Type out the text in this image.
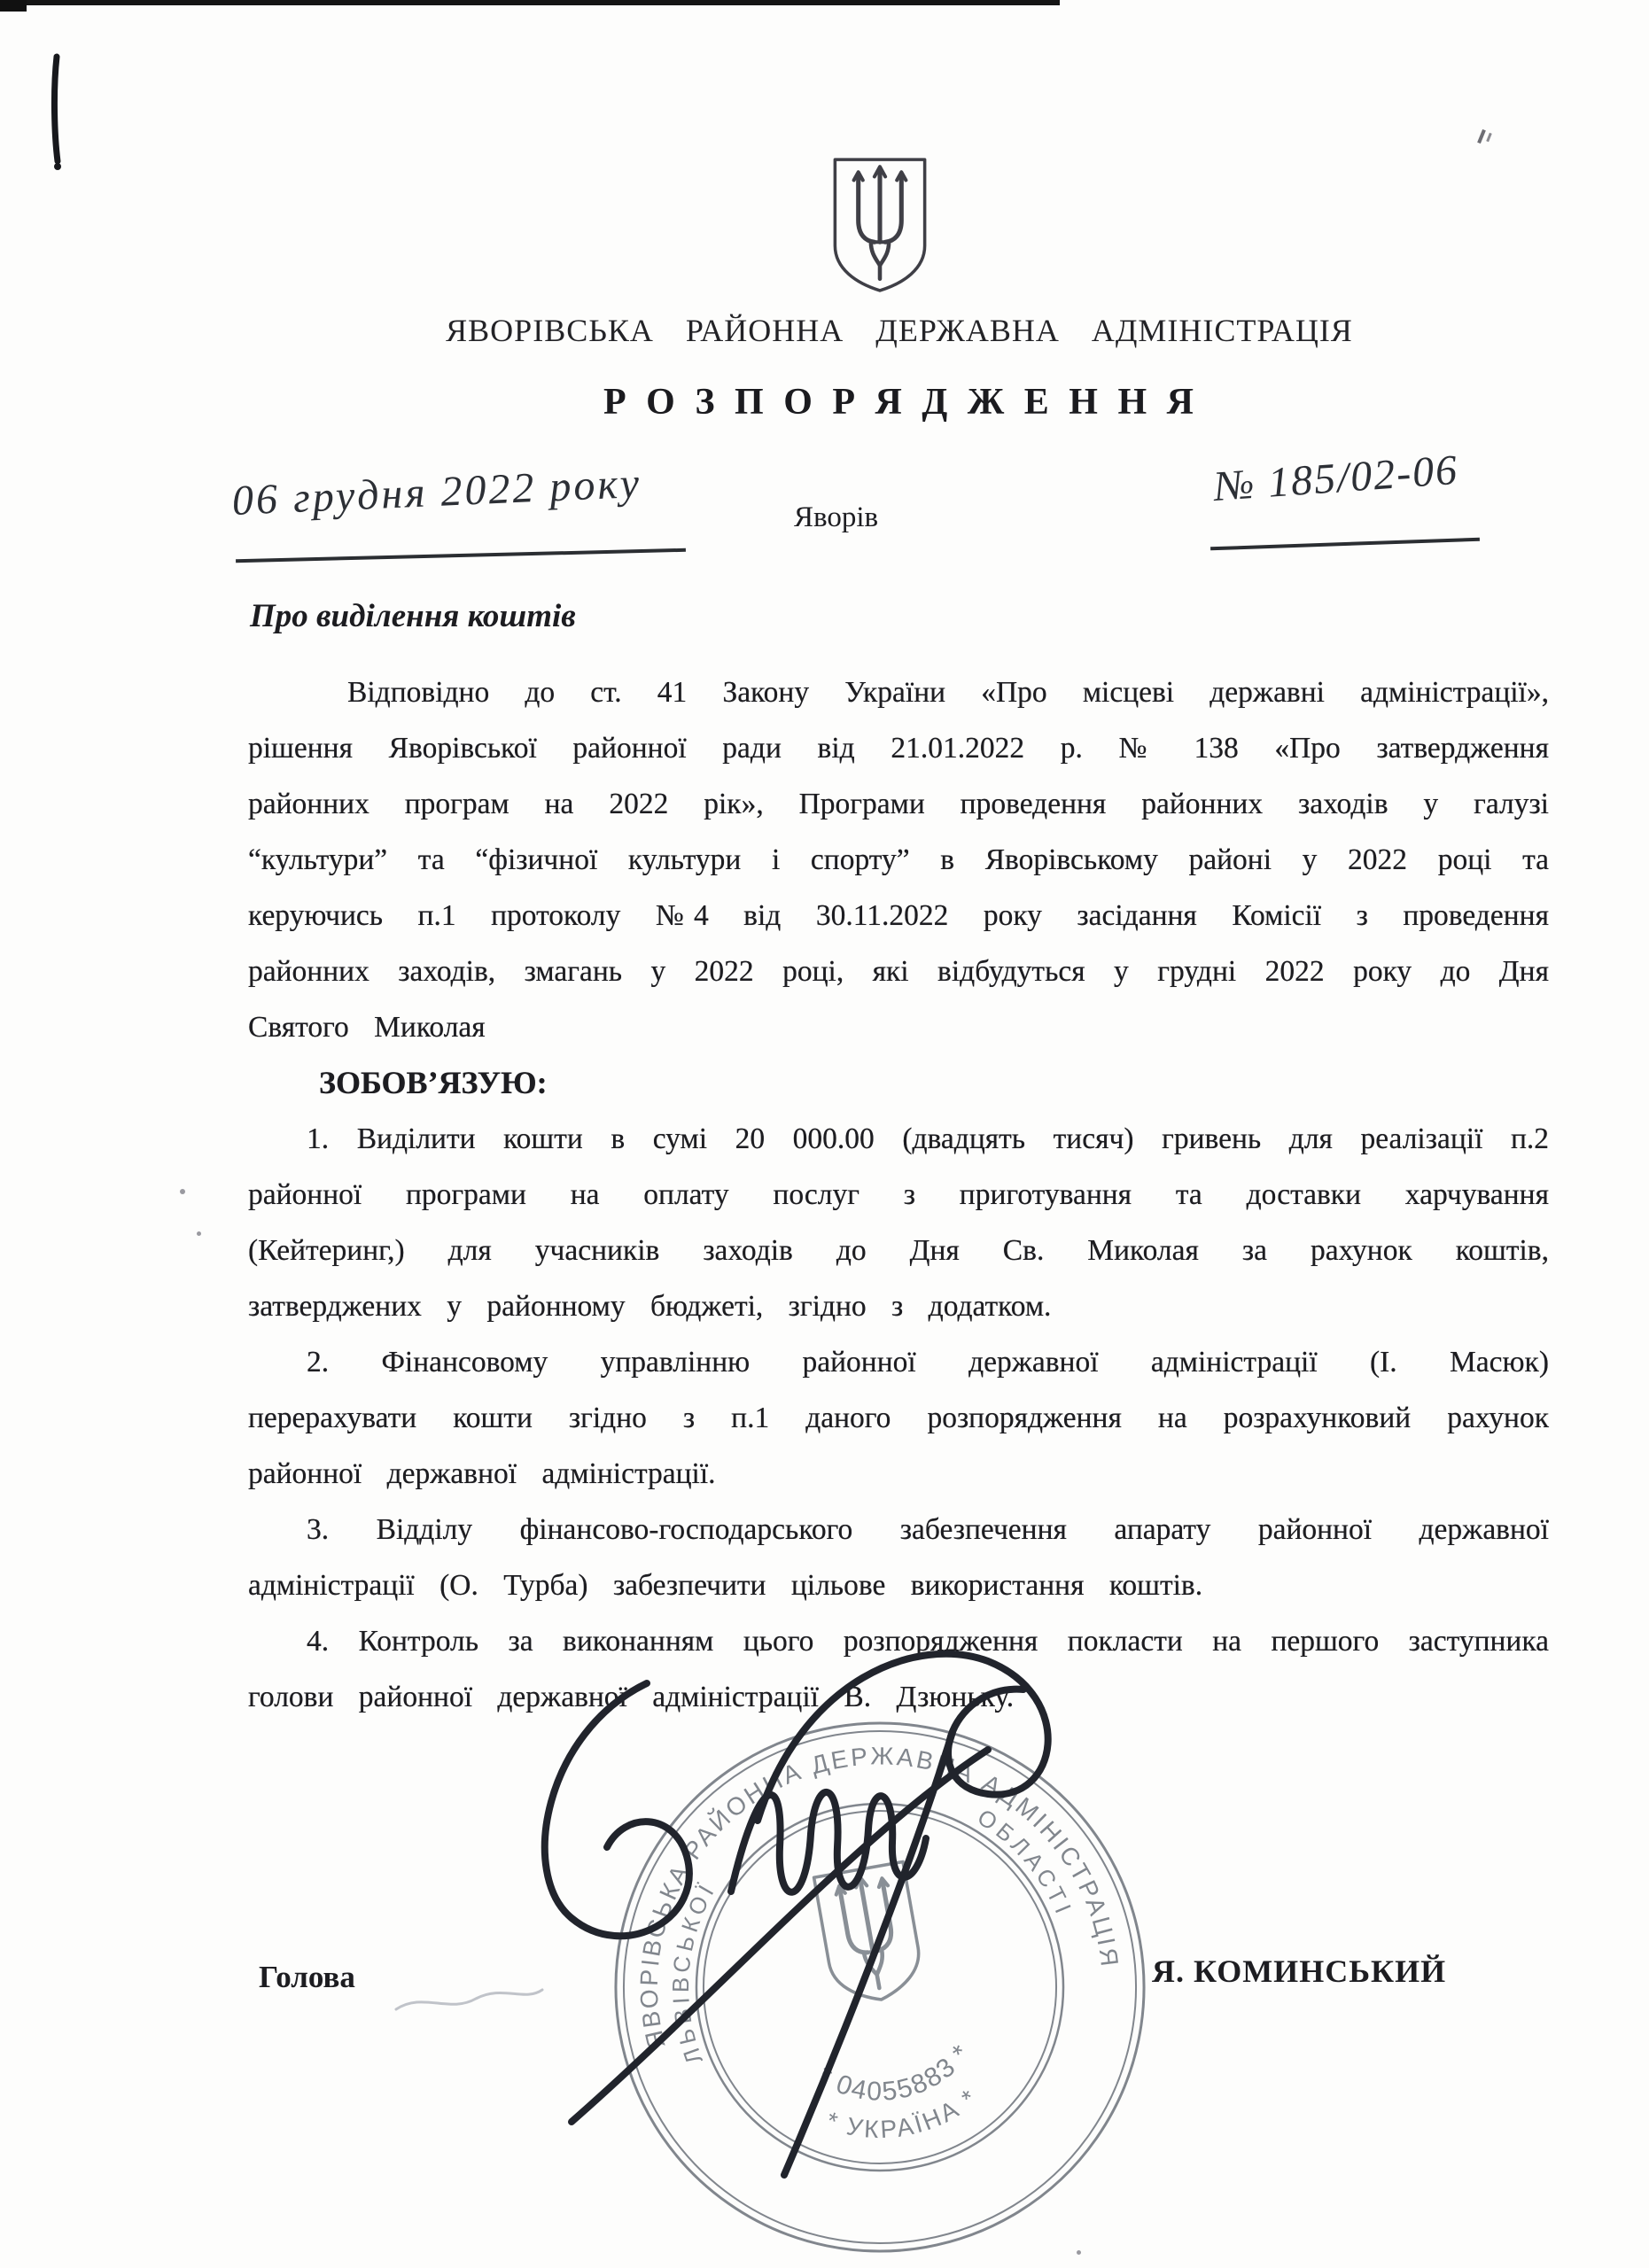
ЯВОРІВСЬКА РАЙОННА ДЕРЖАВНА АДМІНІСТРАЦІЯ
Р О З П О Р Я Д Ж Е Н Н Я
06 грудня 2022 року	Яворів
№ 185/02-06
Про виділення коштів

Відповідно до ст. 41 Закону України «Про місцеві державні адміністрації», рішення Яворівської районної ради від 21.01.2022 р. № 138 «Про затвердження районних програм на 2022 рік», Програми проведення районних заходів у галузі “культури” та “фізичної культури і спорту” в Яворівському районі у 2022 році та керуючись п.1 протоколу №4 від 30.11.2022 року засідання Комісії з проведення районних заходів, змагань у 2022 році, які відбудуться у грудні 2022 року до Дня Святого Миколая

ЗОБОВ’ЯЗУЮ:

1. Виділити кошти в сумі 20 000.00 (двадцять тисяч) гривень для реалізації п.2 районної програми на оплату послуг з приготування та доставки харчування (Кейтеринг,) для учасників заходів до Дня Св. Миколая за рахунок коштів, затверджених у районному бюджеті, згідно з додатком.

2. Фінансовому управлінню районної державної адміністрації (І. Масюк) перерахувати кошти згідно з п.1 даного розпорядження на розрахунковий рахунок районної державної адміністрації.

3. Відділу фінансово-господарського забезпечення апарату районної державної адміністрації (О. Турба) забезпечити цільове використання коштів.

4. Контроль за виконанням цього розпорядження покласти на першого заступника голови районної державної адміністрації В. Дзюньку.

Голова	Я. КОМИНСЬКИЙ
ЯВОРІВСЬКА РАЙОННА ДЕРЖАВНА АДМІНІСТРАЦІЯ
ЛЬВІВСЬКОЇ
ОБЛАСТІ
* 04055883 *
* УКРАЇНА *
